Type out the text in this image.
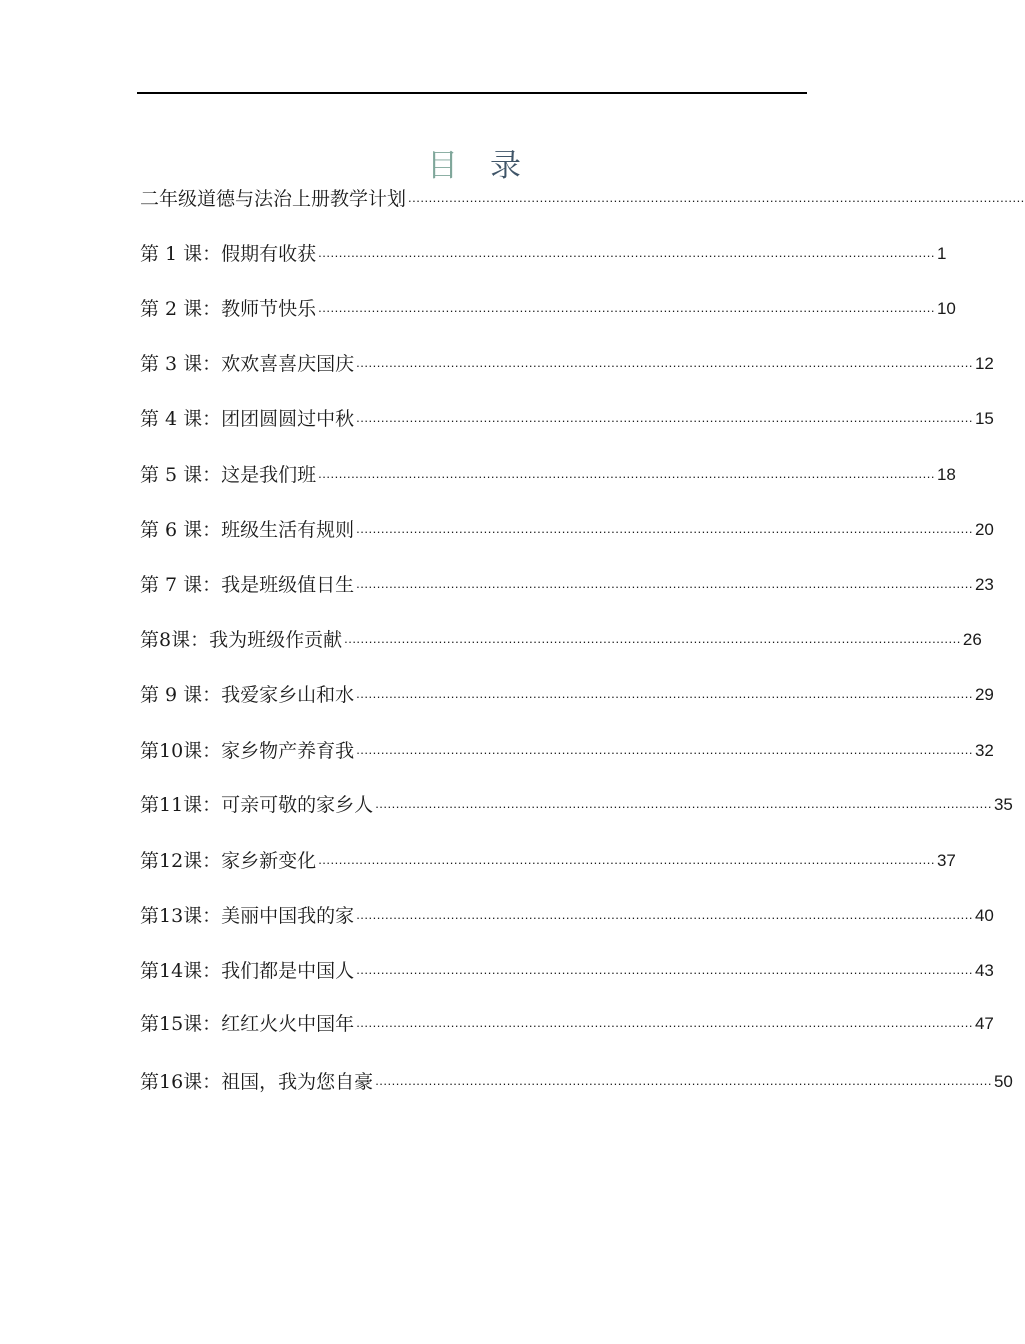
目 录
二年级道德与法治上册教学计划 ......................................................................................................................................................
第 1 课：假期有收获 ...................................................................................................................................................... 1
第 2 课：教师节快乐 ...................................................................................................................................................... 10
第 3 课：欢欢喜喜庆国庆 ...................................................................................................................................................... 12
第 4 课：团团圆圆过中秋 ...................................................................................................................................................... 15
第 5 课：这是我们班 ...................................................................................................................................................... 18
第 6 课：班级生活有规则 ...................................................................................................................................................... 20
第 7 课：我是班级值日生 ...................................................................................................................................................... 23
第8课：我为班级作贡献 ...................................................................................................................................................... 26
第 9 课：我爱家乡山和水 ...................................................................................................................................................... 29
第10课：家乡物产养育我 ...................................................................................................................................................... 32
第11课：可亲可敬的家乡人 ...................................................................................................................................................... 35
第12课：家乡新变化 ...................................................................................................................................................... 37
第13课：美丽中国我的家 ...................................................................................................................................................... 40
第14课：我们都是中国人 ...................................................................................................................................................... 43
第15课：红红火火中国年 ...................................................................................................................................................... 47
第16课：祖国，我为您自豪 ...................................................................................................................................................... 50
